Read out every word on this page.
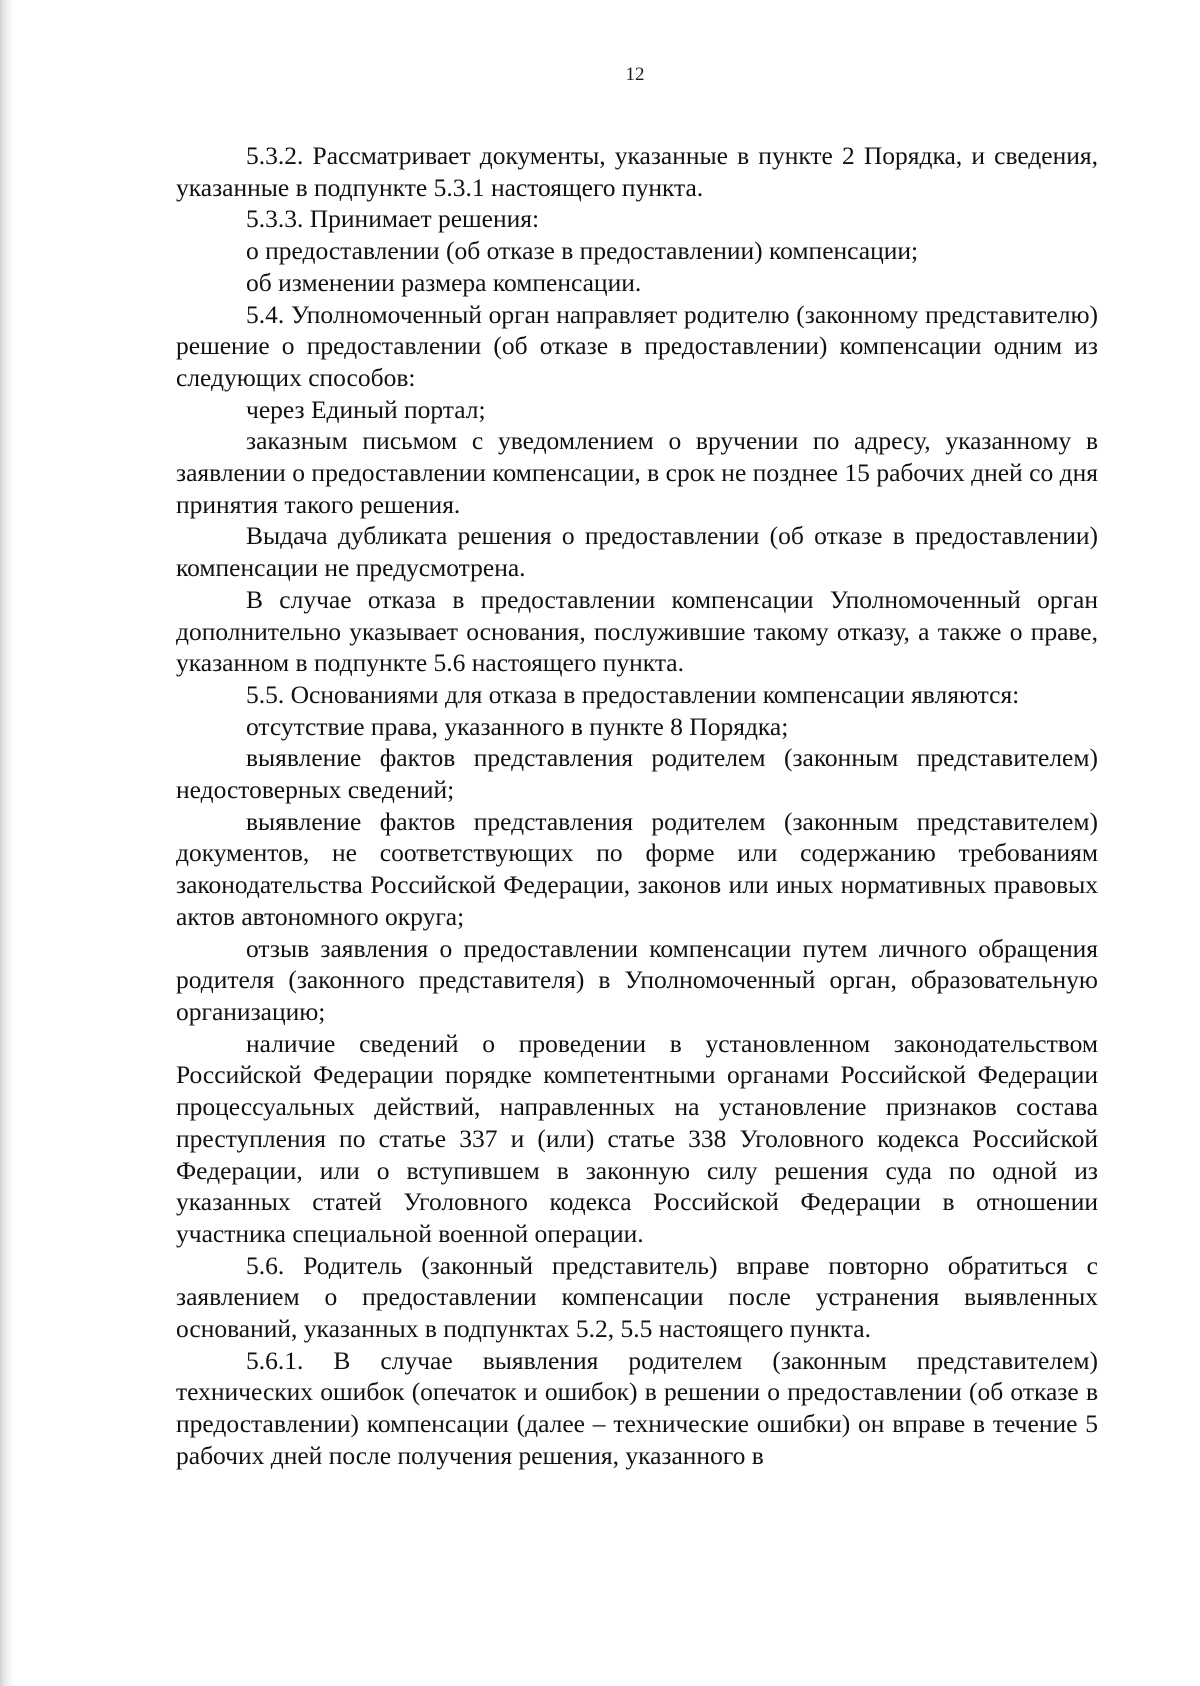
12

5.3.2. Рассматривает документы, указанные в пункте 2 Порядка, и сведения, указанные в подпункте 5.3.1 настоящего пункта.

5.3.3. Принимает решения:

о предоставлении (об отказе в предоставлении) компенсации;

об изменении размера компенсации.

5.4. Уполномоченный орган направляет родителю (законному представителю) решение о предоставлении (об отказе в предоставлении) компенсации одним из следующих способов:

через Единый портал;

заказным письмом с уведомлением о вручении по адресу, указанному в заявлении о предоставлении компенсации, в срок не позднее 15 рабочих дней со дня принятия такого решения.

Выдача дубликата решения о предоставлении (об отказе в предоставлении) компенсации не предусмотрена.

В случае отказа в предоставлении компенсации Уполномоченный орган дополнительно указывает основания, послужившие такому отказу, а также о праве, указанном в подпункте 5.6 настоящего пункта.

5.5. Основаниями для отказа в предоставлении компенсации являются:

отсутствие права, указанного в пункте 8 Порядка;

выявление фактов представления родителем (законным представителем) недостоверных сведений;

выявление фактов представления родителем (законным представителем) документов, не соответствующих по форме или содержанию требованиям законодательства Российской Федерации, законов или иных нормативных правовых актов автономного округа;

отзыв заявления о предоставлении компенсации путем личного обращения родителя (законного представителя) в Уполномоченный орган, образовательную организацию;

наличие сведений о проведении в установленном законодательством Российской Федерации порядке компетентными органами Российской Федерации процессуальных действий, направленных на установление признаков состава преступления по статье 337 и (или) статье 338 Уголовного кодекса Российской Федерации, или о вступившем в законную силу решения суда по одной из указанных статей Уголовного кодекса Российской Федерации в отношении участника специальной военной операции.

5.6. Родитель (законный представитель) вправе повторно обратиться с заявлением о предоставлении компенсации после устранения выявленных оснований, указанных в подпунктах 5.2, 5.5 настоящего пункта.

5.6.1. В случае выявления родителем (законным представителем) технических ошибок (опечаток и ошибок) в решении о предоставлении (об отказе в предоставлении) компенсации (далее – технические ошибки) он вправе в течение 5 рабочих дней после получения решения, указанного в
